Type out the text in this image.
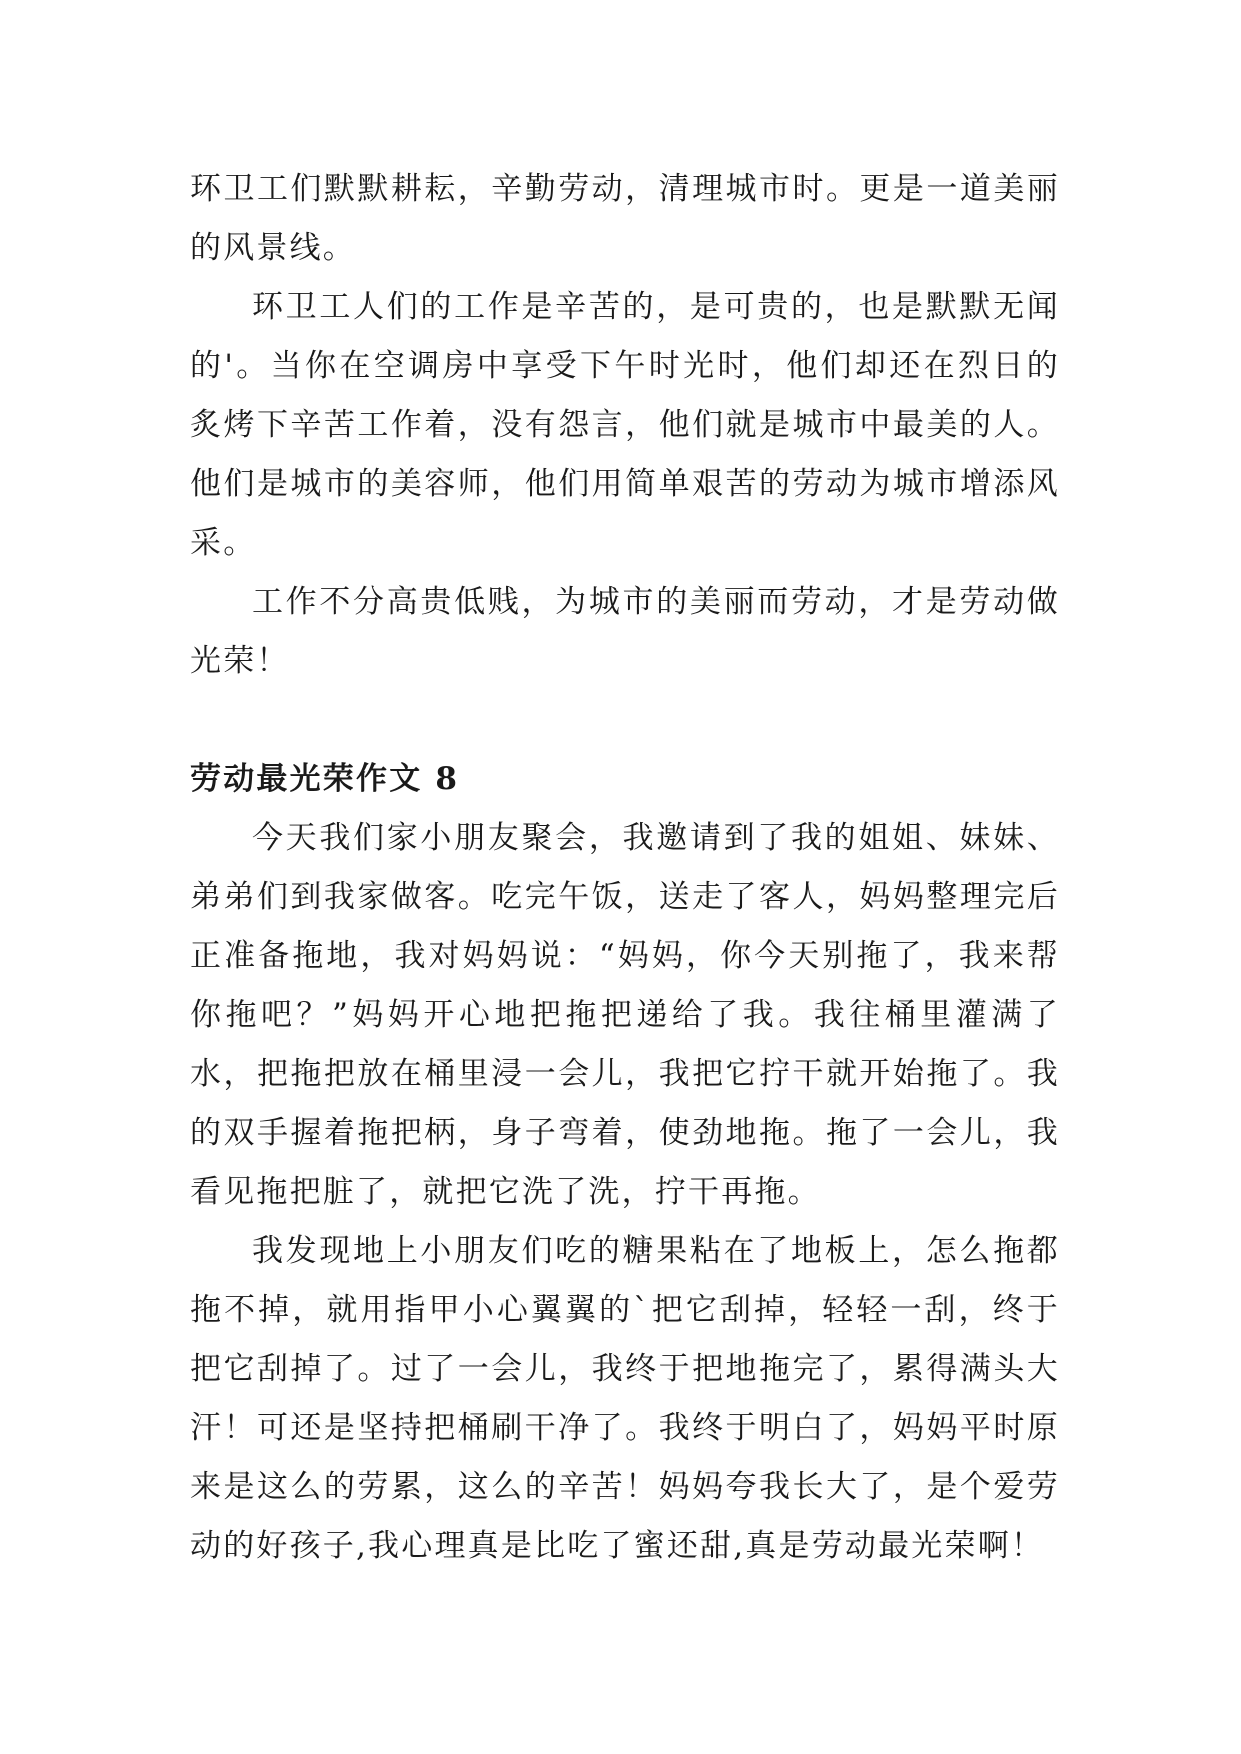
环卫工们默默耕耘，辛勤劳动，清理城市时。更是一道美丽的风景线。

环卫工人们的工作是辛苦的，是可贵的，也是默默无闻的'。当你在空调房中享受下午时光时，他们却还在烈日的炙烤下辛苦工作着，没有怨言，他们就是城市中最美的人。他们是城市的美容师，他们用简单艰苦的劳动为城市增添风采。

工作不分高贵低贱，为城市的美丽而劳动，才是劳动做光荣！

劳动最光荣作文 8

今天我们家小朋友聚会，我邀请到了我的姐姐、妹妹、弟弟们到我家做客。吃完午饭，送走了客人，妈妈整理完后正准备拖地，我对妈妈说：“妈妈，你今天别拖了，我来帮你拖吧？”妈妈开心地把拖把递给了我。我往桶里灌满了水，把拖把放在桶里浸一会儿，我把它拧干就开始拖了。我的双手握着拖把柄，身子弯着，使劲地拖。拖了一会儿，我看见拖把脏了，就把它洗了洗，拧干再拖。

我发现地上小朋友们吃的糖果粘在了地板上，怎么拖都拖不掉，就用指甲小心翼翼的`把它刮掉，轻轻一刮，终于把它刮掉了。过了一会儿，我终于把地拖完了，累得满头大汗！可还是坚持把桶刷干净了。我终于明白了，妈妈平时原来是这么的劳累，这么的辛苦！妈妈夸我长大了，是个爱劳动的好孩子,我心理真是比吃了蜜还甜,真是劳动最光荣啊！
